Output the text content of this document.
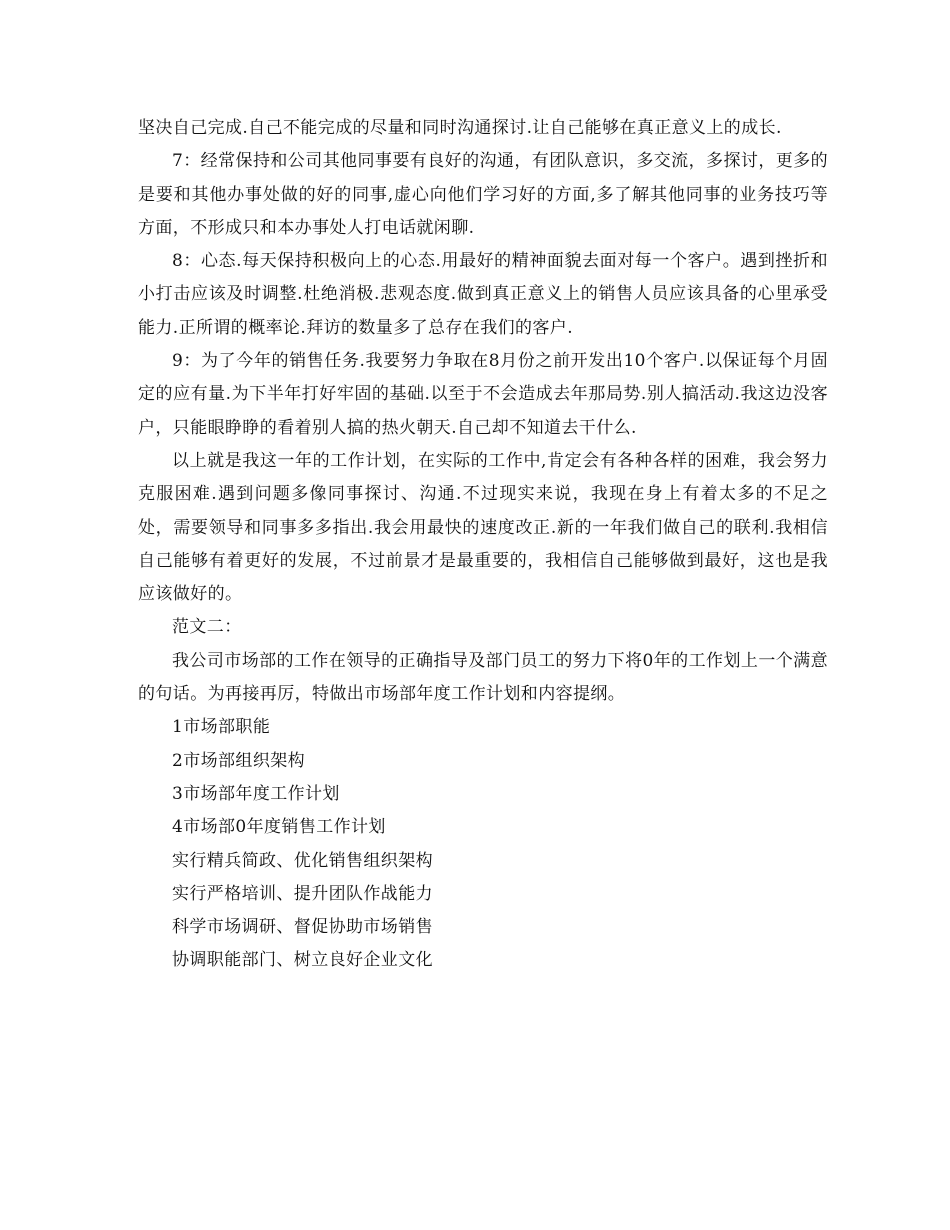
坚决自己完成.自己不能完成的尽量和同时沟通探讨.让自己能够在真正意义上的成长.

7：经常保持和公司其他同事要有良好的沟通，有团队意识，多交流，多探讨，更多的是要和其他办事处做的好的同事,虚心向他们学习好的方面,多了解其他同事的业务技巧等方面，不形成只和本办事处人打电话就闲聊.

8：心态.每天保持积极向上的心态.用最好的精神面貌去面对每一个客户。遇到挫折和小打击应该及时调整.杜绝消极.悲观态度.做到真正意义上的销售人员应该具备的心里承受能力.正所谓的概率论.拜访的数量多了总存在我们的客户.

9：为了今年的销售任务.我要努力争取在8月份之前开发出10个客户.以保证每个月固定的应有量.为下半年打好牢固的基础.以至于不会造成去年那局势.别人搞活动.我这边没客户，只能眼睁睁的看着别人搞的热火朝天.自己却不知道去干什么.

以上就是我这一年的工作计划，在实际的工作中,肯定会有各种各样的困难，我会努力克服困难.遇到问题多像同事探讨、沟通.不过现实来说，我现在身上有着太多的不足之处，需要领导和同事多多指出.我会用最快的速度改正.新的一年我们做自己的联利.我相信自己能够有着更好的发展，不过前景才是最重要的，我相信自己能够做到最好，这也是我应该做好的。

范文二：

我公司市场部的工作在领导的正确指导及部门员工的努力下将0年的工作划上一个满意的句话。为再接再厉，特做出市场部年度工作计划和内容提纲。

1市场部职能

2市场部组织架构

3市场部年度工作计划

4市场部0年度销售工作计划

实行精兵简政、优化销售组织架构

实行严格培训、提升团队作战能力

科学市场调研、督促协助市场销售

协调职能部门、树立良好企业文化
